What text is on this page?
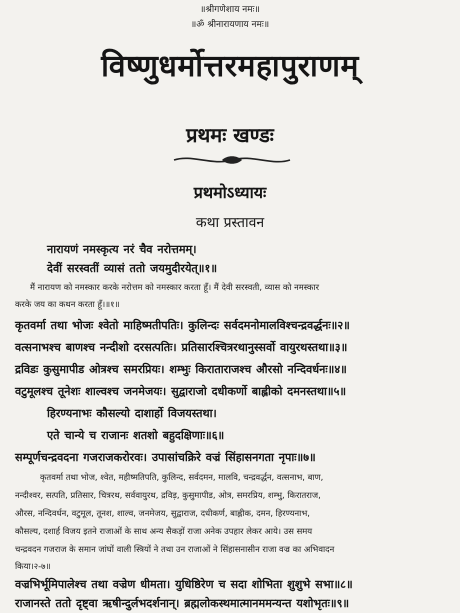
॥श्रीगणेशाय नमः॥
॥ॐ श्रीनारायणाय नमः॥
विष्णुधर्मोत्तरमहापुराणम्
प्रथमः खण्डः
प्रथमोऽध्यायः
कथा प्रस्तावन
नारायणं नमस्कृत्य नरं चैव नरोत्तमम्।
देवीं सरस्वतीं व्यासं ततो जयमुदीरयेत्॥१॥
मैं नारायण को नमस्कार करके नरोत्तम को नमस्कार करता हूँ। मैं देवी सरस्वती, व्यास को नमस्कार
करके जय का कथन करता हूँ।॥१॥
कृतवर्मा तथा भोजः श्वेतो माहिष्मतीपतिः। कुलिन्दः सर्वदमनोमालविश्चन्द्रवर्द्धनः॥२॥
वत्सनाभश्च बाणश्च नन्दीशो दरसत्पतिः। प्रतिसारश्चित्ररथानुस्सर्वो वायुरथस्तथा॥३॥
द्रविडः कुसुमापीड ओत्रश्च समरप्रियः। शम्भुः किराताराजश्च औरसो नन्दिवर्धनः॥४॥
वटुमूलश्च तूनेशः शाल्वश्च जनमेजयः। सुद्वाराजो दधीकर्णो बाह्लीको दमनस्तथा॥५॥
हिरण्यनाभः कौसल्यो दाशार्हो विजयस्तथा।
एते चान्ये च राजानः शतशो बहुदक्षिणाः॥६॥
सम्पूर्णचन्द्रवदना गजराजकरोरवः। उपासांचक्रिरे वज्रं सिंहासनगता नृपाः॥७॥
कृतवर्मा तथा भोज, श्वेत, महीष्मतिपति, कुलिन्द, सर्वदमन, मालवि, चन्द्रवर्द्धन, वत्सनाभ, बाण,
नन्दीश्वर, सत्पति, प्रतिसार, चित्ररथ, सर्ववायुरथ, द्रविड़, कुसुमापीड, ओत्र, समरप्रिय, शम्भु, किरातराज,
औरस, नन्दिवर्धन, वटुमूल, तूनश, शाल्व, जनमेजय, सुद्वाराज, दधीकर्ण, बाह्लीक, दमन, हिरण्यनाभ,
कौसल्य, दशार्ह विजय इतने राजाओं के साथ अन्य सैकड़ों राजा अनेक उपहार लेकर आये। उस समय
चन्द्रवदन गजराज के समान जांघों वाली स्त्रियों ने तथा उन राजाओं ने सिंहासनासीन राजा वज्र का अभिवादन
किया।२-७॥
वज्रभिर्भूमिपालेश्च तथा वज्रेण धीमता। युधिष्ठिरेण च सदा शोभिता शुशुभे सभा॥८॥
राजानस्ते ततो दृष्ट्वा ऋषीन्दुर्लभदर्शनान्। ब्रह्मलोकस्थमात्मानममन्यन्त यशोभृतः॥९॥
